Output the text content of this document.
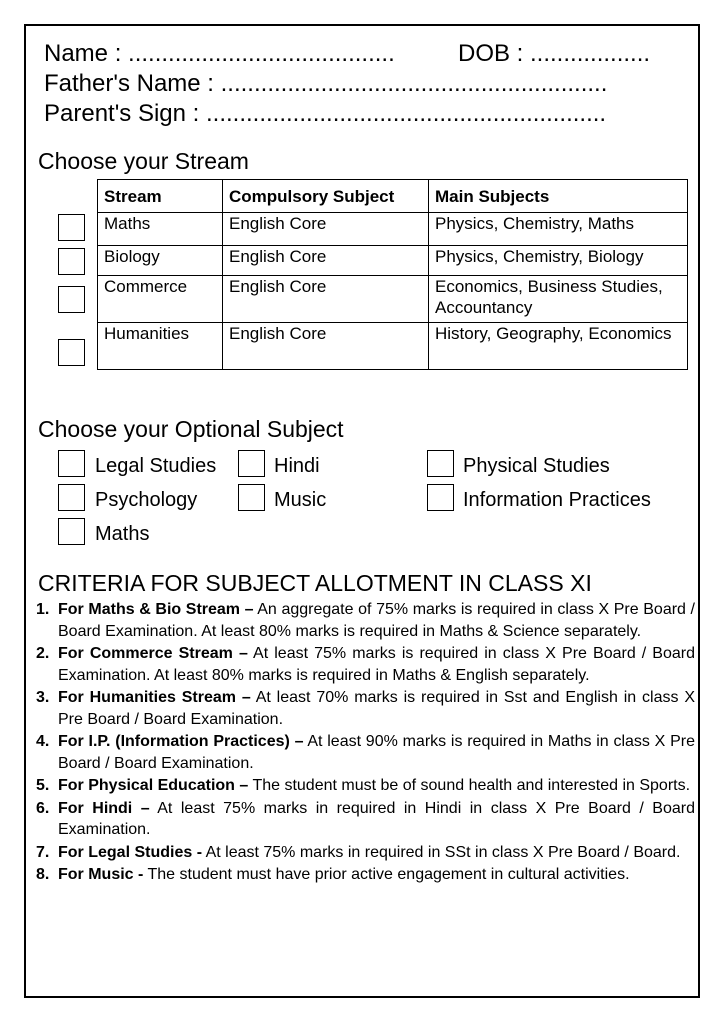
Name : ........................................	DOB : ..................
Father's Name : ..........................................................
Parent's Sign : ............................................................
Choose your Stream
Stream	Compulsory Subject	Main Subjects
Maths	English Core	Physics, Chemistry, Maths
Biology	English Core	Physics, Chemistry, Biology
Commerce	English Core	Economics, Business Studies, Accountancy
Humanities	English Core	History, Geography, Economics
Choose your Optional Subject
Legal Studies	Hindi	Physical Studies
Psychology	Music	Information Practices
Maths
CRITERIA FOR SUBJECT ALLOTMENT IN CLASS XI
1. For Maths & Bio Stream – An aggregate of 75% marks is required in class X Pre Board / Board Examination. At least 80% marks is required in Maths & Science separately.
2. For Commerce Stream – At least 75% marks is required in class X Pre Board / Board Examination. At least 80% marks is required in Maths & English separately.
3. For Humanities Stream – At least 70% marks is required in Sst and English in class X Pre Board / Board Examination.
4. For I.P. (Information Practices) – At least 90% marks is required in Maths in class X Pre Board / Board Examination.
5. For Physical Education – The student must be of sound health and interested in Sports.
6. For Hindi – At least 75% marks in required in Hindi in class X Pre Board / Board Examination.
7. For Legal Studies - At least 75% marks in required in SSt in class X Pre Board / Board.
8. For Music - The student must have prior active engagement in cultural activities.
